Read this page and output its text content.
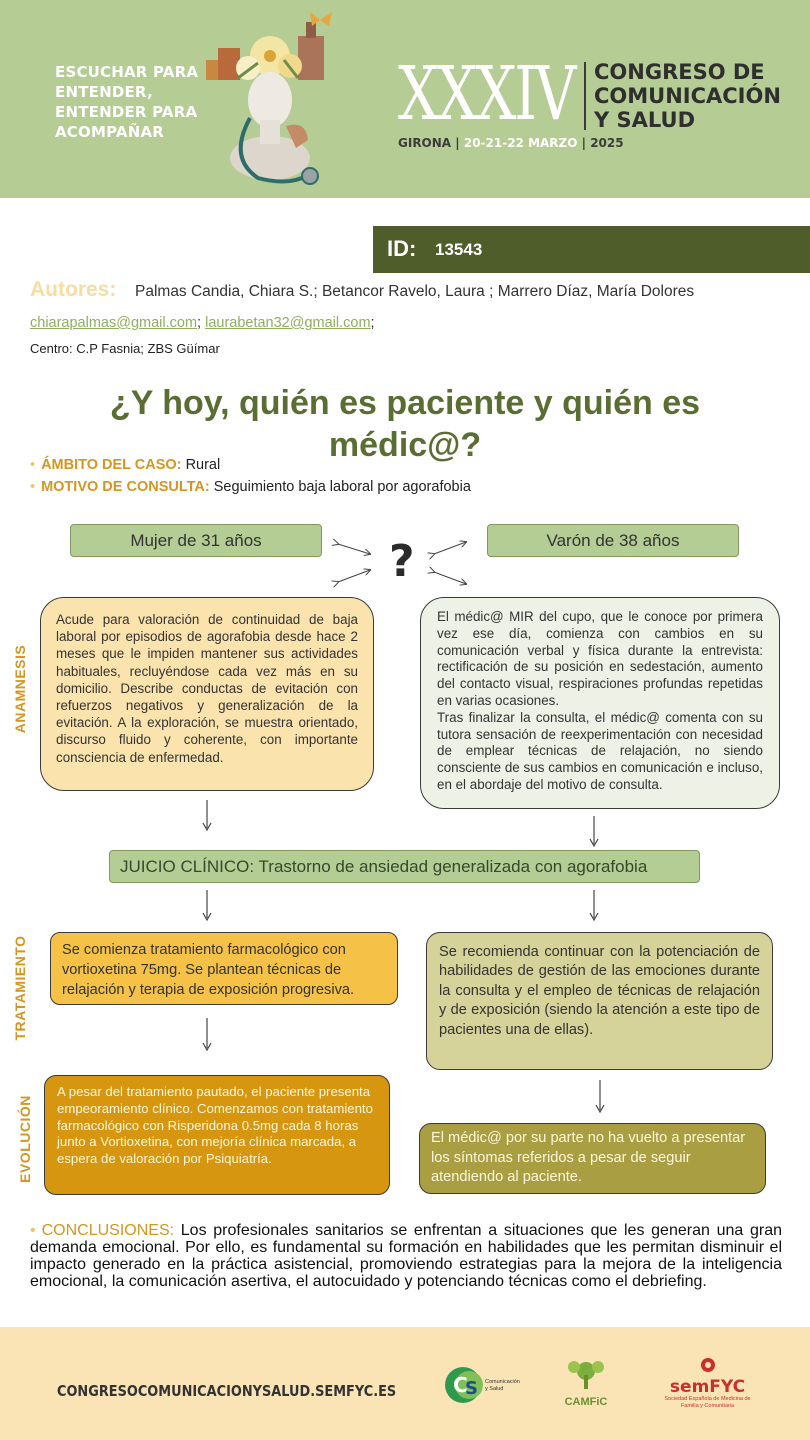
ESCUCHAR PARA
ENTENDER,
ENTENDER PARA
ACOMPAÑAR	XXXIV CONGRESO DE
COMUNICACIÓN
Y SALUD
GIRONA | 20-21-22 MARZO | 2025
ID: 13543
Autores: Palmas Candia, Chiara S.; Betancor Ravelo, Laura ; Marrero Díaz, María Dolores
chiarapalmas@gmail.com; laurabetan32@gmail.com;
Centro: C.P Fasnia; ZBS Güímar
¿Y hoy, quién es paciente y quién es médic@?
• ÁMBITO DEL CASO: Rural
• MOTIVO DE CONSULTA: Seguimiento baja laboral por agorafobia
Mujer de 31 años	Varón de 38 años
?
ANAMNESIS
TRATAMIENTO
EVOLUCIÓN
Acude para valoración de continuidad de baja laboral por episodios de agorafobia desde hace 2 meses que le impiden mantener sus actividades habituales, recluyéndose cada vez más en su domicilio. Describe conductas de evitación con refuerzos negativos y generalización de la evitación. A la exploración, se muestra orientado, discurso fluido y coherente, con importante consciencia de enfermedad.
El médic@ MIR del cupo, que le conoce por primera vez ese día, comienza con cambios en su comunicación verbal y física durante la entrevista: rectificación de su posición en sedestación, aumento del contacto visual, respiraciones profundas repetidas en varias ocasiones.
Tras finalizar la consulta, el médic@ comenta con su tutora sensación de reexperimentación con necesidad de emplear técnicas de relajación, no siendo consciente de sus cambios en comunicación e incluso, en el abordaje del motivo de consulta.
JUICIO CLÍNICO: Trastorno de ansiedad generalizada con agorafobia
Se comienza tratamiento farmacológico con vortioxetina 75mg. Se plantean técnicas de relajación y terapia de exposición progresiva.
Se recomienda continuar con la potenciación de habilidades de gestión de las emociones durante la consulta y el empleo de técnicas de relajación y de exposición (siendo la atención a este tipo de pacientes una de ellas).
A pesar del tratamiento pautado, el paciente presenta empeoramiento clínico. Comenzamos con tratamiento farmacológico con Risperidona 0.5mg cada 8 horas junto a Vortioxetina, con mejoría clínica marcada, a espera de valoración por Psiquiatría.
El médic@ por su parte no ha vuelto a presentar los síntomas referidos a pesar de seguir atendiendo al paciente.
• CONCLUSIONES: Los profesionales sanitarios se enfrentan a situaciones que les generan una gran demanda emocional. Por ello, es fundamental su formación en habilidades que les permitan disminuir el impacto generado en la práctica asistencial, promoviendo estrategias para la mejora de la inteligencia emocional, la comunicación asertiva, el autocuidado y potenciando técnicas como el debriefing.
CONGRESOCOMUNICACIONYSALUD.SEMFYC.ES	C
S Comunicación
y Salud
CAMFiC
semFYC
Sociedad Española de Medicina de Familia y Comunitaria
